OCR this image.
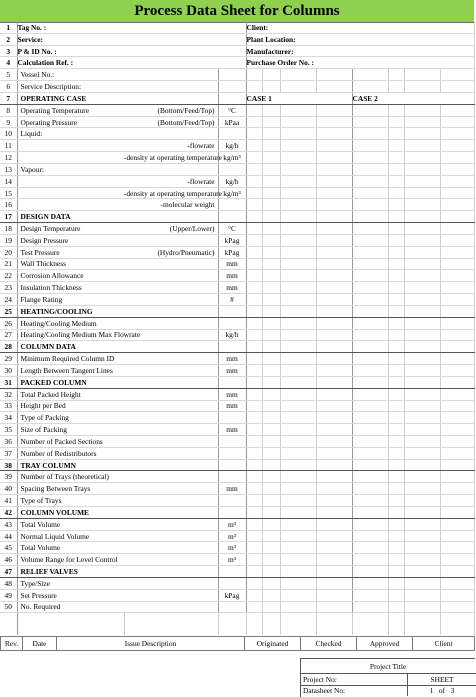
Process Data Sheet for Columns
1	Tag No. :			Client:							
2	Service:			Plant Location:							
3	P & ID No. :			Manufacturer:							
4	Calculation Ref. :			Purchase Order No. :							
5	Vessel No.:										
6	Service Description:										
7	OPERATING CASE			CASE 1				CASE 2			
8	Operating Temperature	(Bottom/Feed/Top)	°C								
9	Operating Pressure	(Bottom/Feed/Top)	kPaa								
10	Liquid:										
11		-flowrate	kg/h								
12		-density at operating temperature	kg/m³								
13	Vapour:										
14		-flowrate	kg/h								
15		-density at operating temperature	kg/m³								
16		-molecular weight									
17	DESIGN DATA										
18	Design Temperature	(Upper/Lower)	°C								
19	Design Pressure		kPag								
20	Test Pressure	(Hydro/Pneumatic)	kPag								
21	Wall Thickness		mm								
22	Corrosion Allowance		mm								
23	Insulation Thickness		mm								
24	Flange Rating		#								
25	HEATING/COOLING										
26	Heating/Cooling Medium										
27	Heating/Cooling Medium Max Flowrate		kg/h								
28	COLUMN DATA										
29	Minimum Required Column ID		mm								
30	Length Between Tangent Lines		mm								
31	PACKED COLUMN										
32	Total Packed Height		mm								
33	Height per Bed		mm								
34	Type of Packing										
35	Size of Packing		mm								
36	Number of Packed Sections										
37	Number of Redistributors										
38	TRAY COLUMN										
39	Number of Trays (theoretical)										
40	Spacing Between Trays		mm								
41	Type of Trays										
42	COLUMN VOLUME										
43	Total Volume		m³								
44	Normal Liquid Volume		m³								
45	Total Volume		m³								
46	Volume Range for Level Control		m³								
47	RELIEF VALVES										
48	Type/Size										
49	Set Pressure		kPag								
50	No. Required										

Rev.	Date	Issue Description	Originated	Checked	Approved	Client
Project Title
Project No:	SHEET
Datasheet No:	1 of 3
